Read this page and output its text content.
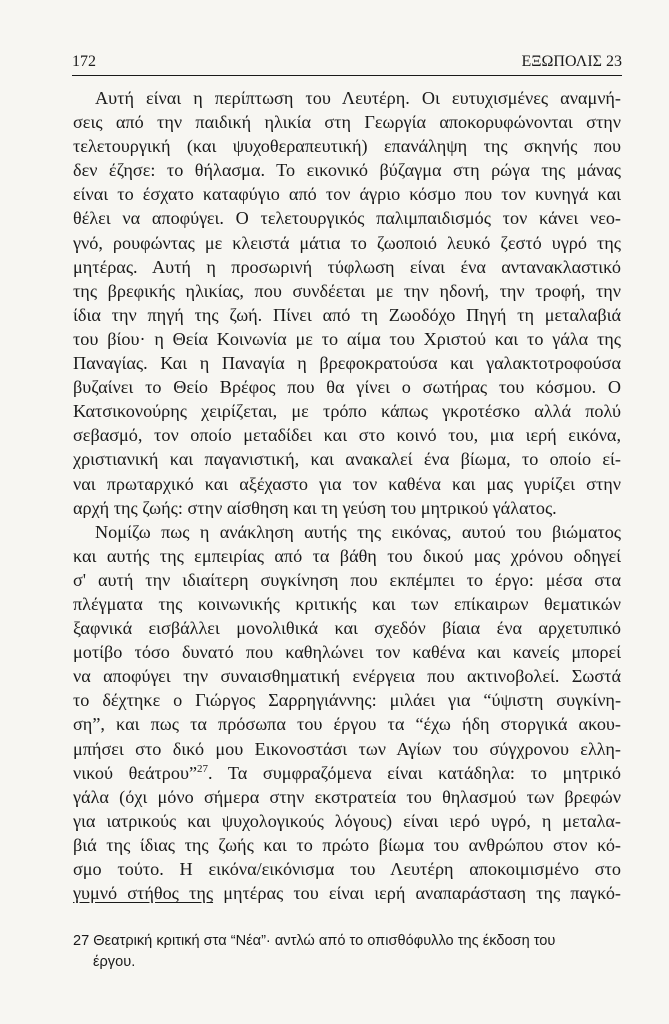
172	ΕΞΩΠΟΛΙΣ 23
Αυτή είναι η περίπτωση του Λευτέρη. Οι ευτυχισμένες αναμνή-
σεις από την παιδική ηλικία στη Γεωργία αποκορυφώνονται στην
τελετουργική (και ψυχοθεραπευτική) επανάληψη της σκηνής που
δεν έζησε: το θήλασμα. Το εικονικό βύζαγμα στη ρώγα της μάνας
είναι το έσχατο καταφύγιο από τον άγριο κόσμο που τον κυνηγά και
θέλει να αποφύγει. Ο τελετουργικός παλιμπαιδισμός τον κάνει νεο-
γνό, ρουφώντας με κλειστά μάτια το ζωοποιό λευκό ζεστό υγρό της
μητέρας. Αυτή η προσωρινή τύφλωση είναι ένα αντανακλαστικό
της βρεφικής ηλικίας, που συνδέεται με την ηδονή, την τροφή, την
ίδια την πηγή της ζωή. Πίνει από τη Ζωοδόχο Πηγή τη μεταλαβιά
του βίου· η Θεία Κοινωνία με το αίμα του Χριστού και το γάλα της
Παναγίας. Και η Παναγία η βρεφοκρατούσα και γαλακτοτροφούσα
βυζαίνει το Θείο Βρέφος που θα γίνει ο σωτήρας του κόσμου. Ο
Κατσικονούρης χειρίζεται, με τρόπο κάπως γκροτέσκο αλλά πολύ
σεβασμό, τον οποίο μεταδίδει και στο κοινό του, μια ιερή εικόνα,
χριστιανική και παγανιστική, και ανακαλεί ένα βίωμα, το οποίο εί-
ναι πρωταρχικό και αξέχαστο για τον καθένα και μας γυρίζει στην
αρχή της ζωής: στην αίσθηση και τη γεύση του μητρικού γάλατος.
Νομίζω πως η ανάκληση αυτής της εικόνας, αυτού του βιώματος
και αυτής της εμπειρίας από τα βάθη του δικού μας χρόνου οδηγεί
σ' αυτή την ιδιαίτερη συγκίνηση που εκπέμπει το έργο: μέσα στα
πλέγματα της κοινωνικής κριτικής και των επίκαιρων θεματικών
ξαφνικά εισβάλλει μονολιθικά και σχεδόν βίαια ένα αρχετυπικό
μοτίβο τόσο δυνατό που καθηλώνει τον καθένα και κανείς μπορεί
να αποφύγει την συναισθηματική ενέργεια που ακτινοβολεί. Σωστά
το δέχτηκε ο Γιώργος Σαρρηγιάννης: μιλάει για “ύψιστη συγκίνη-
ση”, και πως τα πρόσωπα του έργου τα “έχω ήδη στοργικά ακου-
μπήσει στο δικό μου Εικονοστάσι των Αγίων του σύγχρονου ελλη-
νικού θεάτρου”$^{27}$. Τα συμφραζόμενα είναι κατάδηλα: το μητρικό
γάλα (όχι μόνο σήμερα στην εκστρατεία του θηλασμού των βρεφών
για ιατρικούς και ψυχολογικούς λόγους) είναι ιερό υγρό, η μεταλα-
βιά της ίδιας της ζωής και το πρώτο βίωμα του ανθρώπου στον κό-
σμο τούτο. Η εικόνα/εικόνισμα του Λευτέρη αποκοιμισμένο στο
γυμνό στήθος της μητέρας του είναι ιερή αναπαράσταση της παγκό-
27 Θεατρική κριτική στα “Νέα”· αντλώ από το οπισθόφυλλο της έκδοση του
έργου.
